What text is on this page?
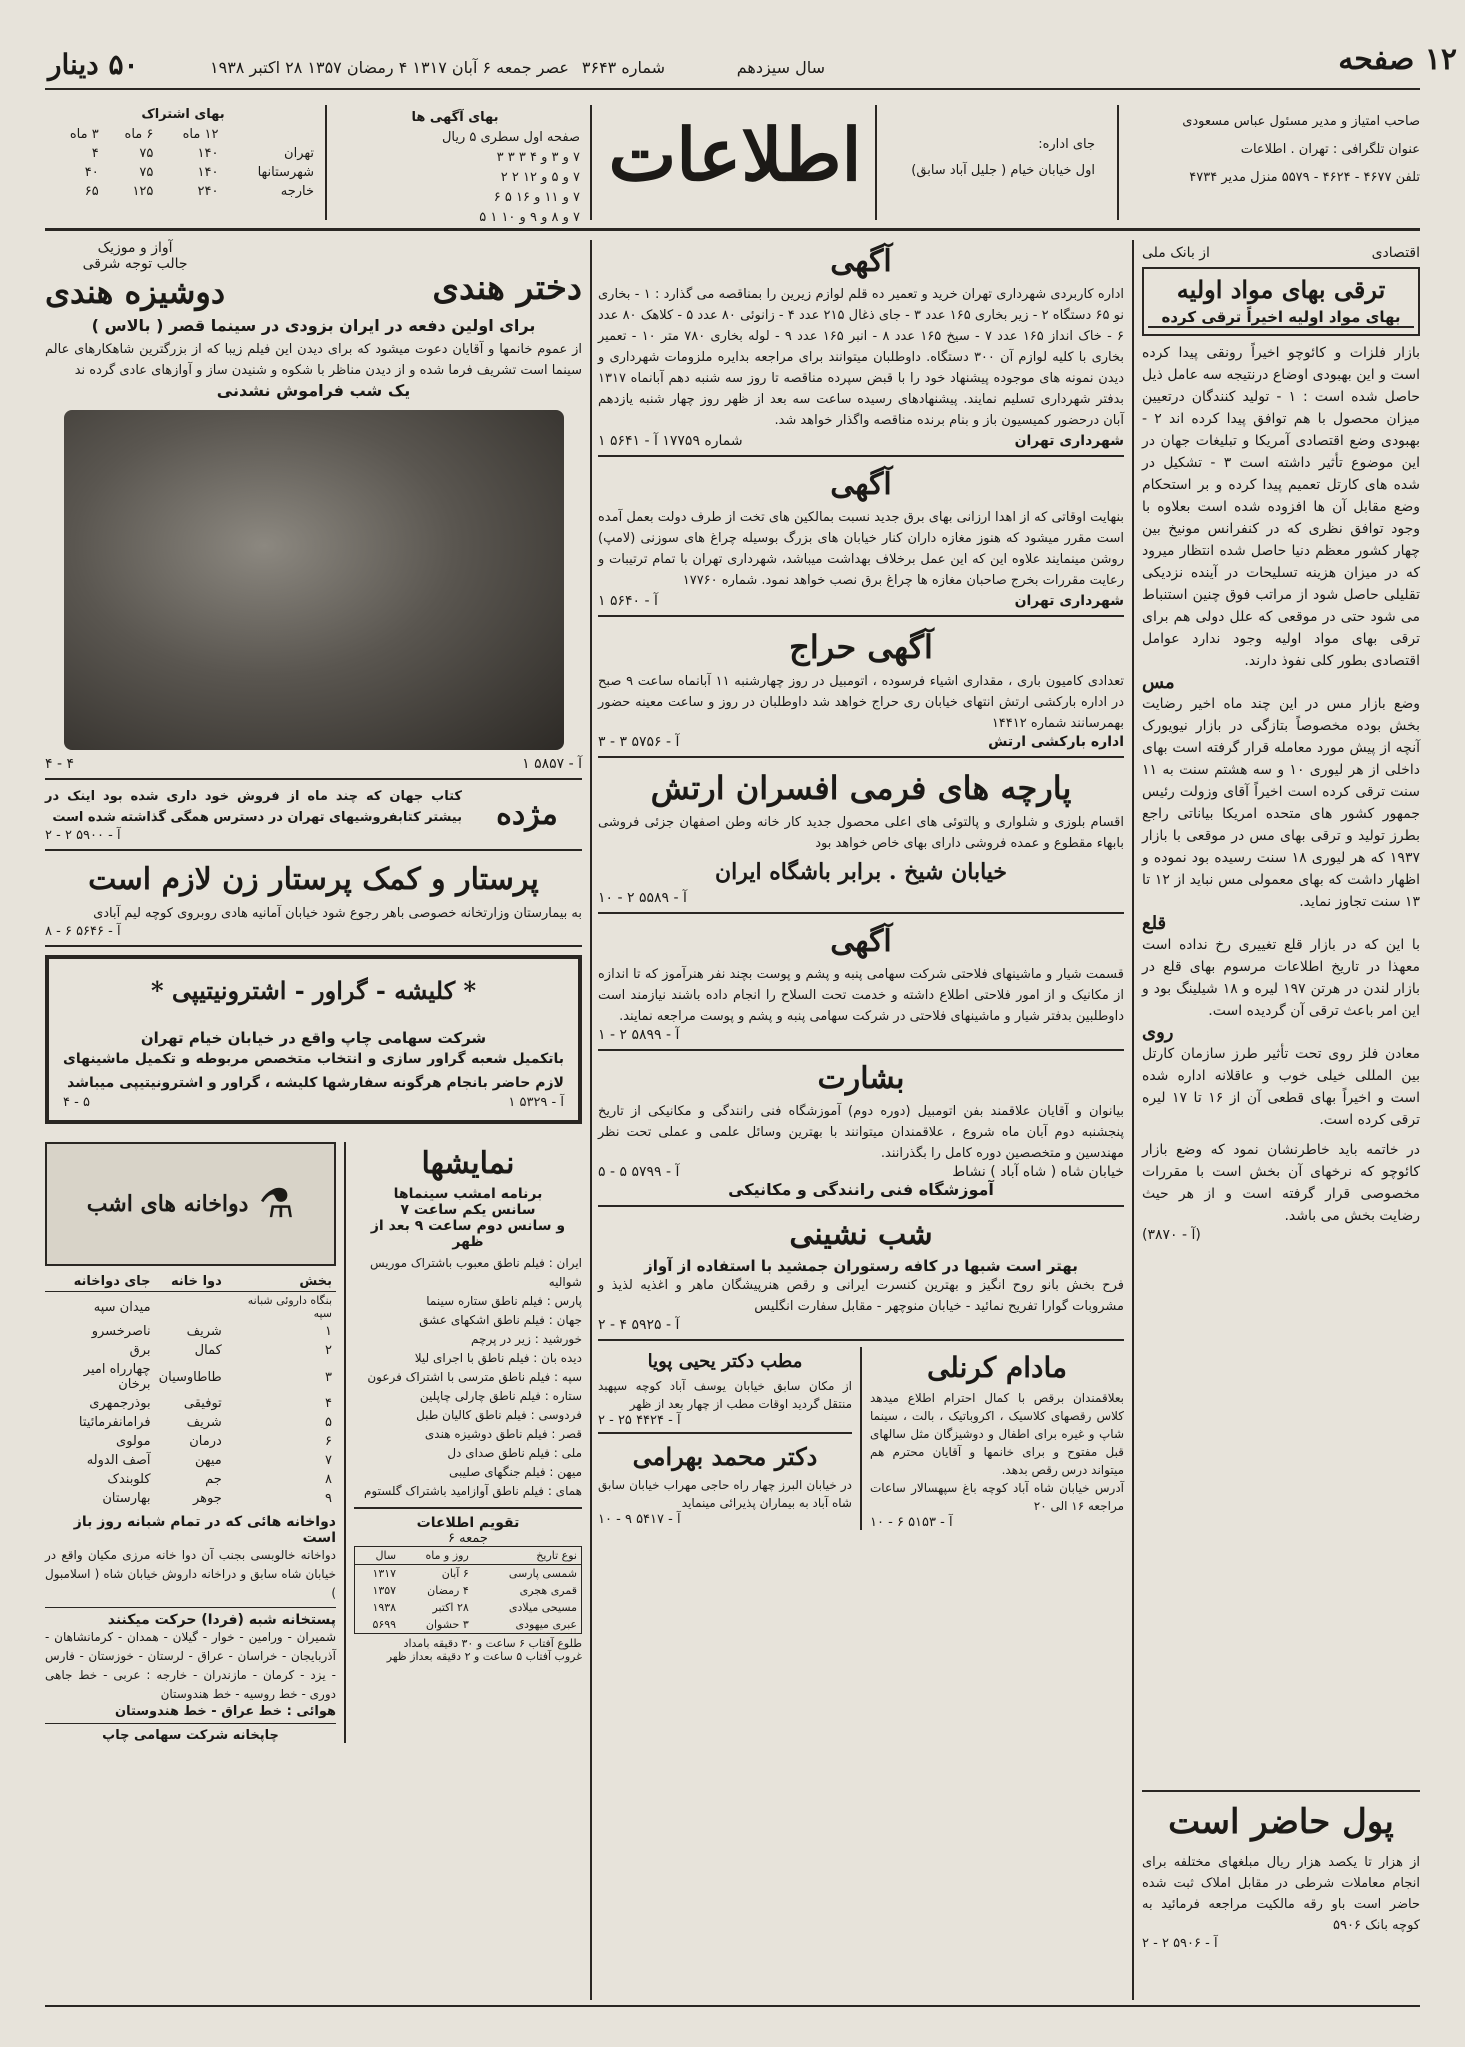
۱۲ صفحه
۵۰ دینار	سال سیزدهم
شماره ۳۶۴۳
عصر جمعه ۶ آبان ۱۳۱۷ ۴ رمضان ۱۳۵۷ ۲۸ اکتبر ۱۹۳۸
صاحب امتیاز و مدیر مسئول عباس مسعودی
عنوان تلگرافی : تهران . اطلاعات
تلفن ۴۶۷۷ - ۴۶۲۴ - ۵۵۷۹ منزل مدیر ۴۷۳۴
جای اداره:
اول خیابان خیام ( جلیل آباد سابق)
اطلاعات
بهای آگهی ها
صفحه اول سطری ۵ ریال
۷ و ۳ و ۴ ۳ ۳ ۳
۷ و ۵ و ۱۲ ۲ ۲
۷ و ۱۱ و ۱۶ ۵ ۶
۷ و ۸ و ۹ و ۱۰ ۱ ۵
بهای اشتراک
	۱۲ ماه	۶ ماه	۳ ماه
تهران	۱۴۰	۷۵	۴
شهرستانها	۱۴۰	۷۵	۴۰
خارجه	۲۴۰	۱۲۵	۶۵
اقتصادی
از بانک ملی
ترقی بهای مواد اولیه
بهای مواد اولیه اخیراً ترقی کرده
بازار فلزات و کائوچو اخیراً رونقی پیدا کرده است و این بهبودی اوضاع درنتیجه سه عامل ذیل حاصل شده است : ۱ - تولید کنندگان درتعیین میزان محصول با هم توافق پیدا کرده اند ۲ - بهبودی وضع اقتصادی آمریکا و تبلیغات جهان در این موضوع تأثیر داشته است ۳ - تشکیل در شده های کارتل تعمیم پیدا کرده و بر استحکام وضع مقابل آن ها افزوده شده است بعلاوه با وجود توافق نظری که در کنفرانس مونیخ بین چهار کشور معظم دنیا حاصل شده انتظار میرود که در میزان هزینه تسلیحات در آینده نزدیکی تقلیلی حاصل شود از مراتب فوق چنین استنباط می شود حتی در موقعی که علل دولی هم برای ترقی بهای مواد اولیه وجود ندارد عوامل اقتصادی بطور کلی نفوذ دارند.
مس
وضع بازار مس در این چند ماه اخیر رضایت بخش بوده مخصوصاً بتازگی در بازار نیویورک آنچه از پیش مورد معامله قرار گرفته است بهای داخلی از هر لیوری ۱۰ و سه هشتم سنت به ۱۱ سنت ترقی کرده است اخیراً آقای وزولت رئیس جمهور کشور های متحده امریکا بیاناتی راجع بطرز تولید و ترقی بهای مس در موقعی با بازار ۱۹۳۷ که هر لیوری ۱۸ سنت رسیده بود نموده و اظهار داشت که بهای معمولی مس نباید از ۱۲ تا ۱۳ سنت تجاوز نماید.
قلع
با این که در بازار قلع تغییری رخ نداده است معهذا در تاریخ اطلاعات مرسوم بهای قلع در بازار لندن در هرتن ۱۹۷ لیره و ۱۸ شیلینگ بود و این امر باعث ترقی آن گردیده است.
روی
معادن فلز روی تحت تأثیر طرز سازمان کارتل بین المللی خیلی خوب و عاقلانه اداره شده است و اخیراً بهای قطعی آن از ۱۶ تا ۱۷ لیره ترقی کرده است.
در خاتمه باید خاطرنشان نمود که وضع بازار کائوچو که نرخهای آن بخش است با مقررات مخصوصی قرار گرفته است و از هر حیث رضایت بخش می باشد.
(آ - ۳۸۷۰)
پول حاضر است
از هزار تا یکصد هزار ریال مبلغهای مختلفه برای انجام معاملات شرطی در مقابل املاک ثبت شده حاضر است باو رقه مالکیت مراجعه فرمائید به کوچه بانک ۵۹۰۶
آ - ۵۹۰۶ ۲ - ۲
آگهی
اداره کاربردی شهرداری تهران خرید و تعمیر ده قلم لوازم زیرین را بمناقصه می گذارد : ۱ - بخاری نو ۶۵ دستگاه ۲ - زیر بخاری ۱۶۵ عدد ۳ - جای ذغال ۲۱۵ عدد ۴ - زانوئی ۸۰ عدد ۵ - کلاهک ۸۰ عدد ۶ - خاک انداز ۱۶۵ عدد ۷ - سیخ ۱۶۵ عدد ۸ - انبر ۱۶۵ عدد ۹ - لوله بخاری ۷۸۰ متر ۱۰ - تعمیر بخاری با کلیه لوازم آن ۳۰۰ دستگاه. داوطلبان میتوانند برای مراجعه بدایره ملزومات شهرداری و دیدن نمونه های موجوده پیشنهاد خود را با قبض سپرده مناقصه تا روز سه شنبه دهم آبانماه ۱۳۱۷ بدفتر شهرداری تسلیم نمایند. پیشنهادهای رسیده ساعت سه بعد از ظهر روز چهار شنبه یازدهم آبان درحضور کمیسیون باز و بنام برنده مناقصه واگذار خواهد شد.
شهرداری تهران
شماره ۱۷۷۵۹ آ - ۵۶۴۱ ۱
آگهی
بنهایت اوقاتی که از اهدا ارزانی بهای برق جدید نسبت بمالکین های تخت از طرف دولت بعمل آمده است مقرر میشود که هنوز مغازه داران کنار خیابان های بزرگ بوسیله چراغ های سوزنی (لامپ) روشن مینمایند علاوه این که این عمل برخلاف بهداشت میباشد، شهرداری تهران با تمام ترتیبات و رعایت مقررات بخرج صاحبان مغازه ها چراغ برق نصب خواهد نمود. شماره ۱۷۷۶۰
شهرداری تهران
آ - ۵۶۴۰ ۱
آگهی حراج
تعدادی کامیون باری ، مقداری اشیاء فرسوده ، اتومبیل در روز چهارشنبه ۱۱ آبانماه ساعت ۹ صبح در اداره بارکشی ارتش انتهای خیابان ری حراج خواهد شد داوطلبان در روز و ساعت معینه حضور بهمرسانند شماره ۱۴۴۱۲
اداره بارکشی ارتش
آ - ۵۷۵۶ ۳ - ۳
پارچه های فرمی افسران ارتش
اقسام بلوزی و شلواری و پالتوئی های اعلی محصول جدید کار خانه وطن اصفهان جزئی فروشی بابهاء مقطوع و عمده فروشی دارای بهای خاص خواهد بود
خیابان شیخ . برابر باشگاه ایران
آ - ۵۵۸۹ ۲ - ۱۰
آگهی
قسمت شیار و ماشینهای فلاحتی شرکت سهامی پنبه و پشم و پوست بچند نفر هنرآموز که تا اندازه از مکانیک و از امور فلاحتی اطلاع داشته و خدمت تحت السلاح را انجام داده باشند نیازمند است داوطلبین بدفتر شیار و ماشینهای فلاحتی در شرکت سهامی پنبه و پشم و پوست مراجعه نمایند.
آ - ۵۸۹۹ ۲ - ۱
بشارت
بیانوان و آقایان علاقمند بفن اتومبیل (دوره دوم) آموزشگاه فنی رانندگی و مکانیکی از تاریخ پنجشنبه دوم آبان ماه شروع ، علاقمندان میتوانند با بهترین وسائل علمی و عملی تحت نظر مهندسین و متخصصین دوره کامل را بگذرانند.
خیابان شاه ( شاه آباد ) نشاط
آ - ۵۷۹۹ ۵ - ۵
آموزشگاه فنی رانندگی و مکانیکی
شب نشینی
بهتر است شبها در کافه رستوران جمشید با استفاده از آواز
فرح بخش بانو روح انگیز و بهترین کنسرت ایرانی و رقص هنرپیشگان ماهر و اغذیه لذیذ و مشروبات گوارا تفریح نمائید - خیابان منوچهر - مقابل سفارت انگلیس
آ - ۵۹۲۵ ۴ - ۲
مادام کرنلی
بعلاقمندان برقص با کمال احترام اطلاع میدهد کلاس رقصهای کلاسیک ، اکروباتیک ، بالت ، سینما شاپ و غیره برای اطفال و دوشیزگان مثل سالهای قبل مفتوح و برای خانمها و آقایان محترم هم میتواند درس رقص بدهد.
آدرس خیابان شاه آباد کوچه باغ سپهسالار ساعات مراجعه ۱۶ الی ۲۰
آ - ۵۱۵۳ ۶ - ۱۰
مطب دکتر یحیی پویا
از مکان سابق خیابان یوسف آباد کوچه سپهبد منتقل گردید اوقات مطب از چهار بعد از ظهر
آ - ۴۴۲۴ ۲۵ - ۲
دکتر محمد بهرامی
در خیابان البرز چهار راه حاجی مهراب خیابان سابق شاه آباد به بیماران پذیرائی مینماید
آ - ۵۴۱۷ ۹ - ۱۰
دختر هندی
آواز و موزیک
جالب توجه شرقی
دوشیزه هندی
برای اولین دفعه در ایران بزودی در سینما قصر ( بالاس )
از عموم خانمها و آقایان دعوت میشود که برای دیدن این فیلم زیبا که از بزرگترین شاهکارهای عالم سینما است تشریف فرما شده و از دیدن مناظر با شکوه و شنیدن ساز و آوازهای عادی گرده ند
یک شب فراموش نشدنی
آ - ۵۸۵۷ ۱
۴ - ۴
مژده
کتاب جهان که چند ماه از فروش خود داری شده بود اینک در بیشتر کتابفروشیهای تهران در دسترس همگی گذاشته شده است
آ - ۵۹۰۰ ۲ - ۲
پرستار و کمک پرستار زن لازم است
به بیمارستان وزارتخانه خصوصی باهر رجوع شود خیابان آمانیه هادی روبروی کوچه لیم آبادی
آ - ۵۶۴۶ ۶ - ۸
* کلیشه - گراور - اشترونیتیپی *
شرکت سهامی چاپ واقع در خیابان خیام تهران
باتکمیل شعبه گراور سازی و انتخاب متخصص مربوطه و تکمیل ماشینهای لازم حاضر بانجام هرگونه سفارشها کلیشه ، گراور و اشترونیتیپی میباشد
آ - ۵۳۲۹ ۱
۵ - ۴
نمایشها
برنامه امشب سینماها
سانس یکم ساعت ۷
و سانس دوم ساعت ۹ بعد از ظهر
ایران : فیلم ناطق معبوب باشتراک موریس شوالیه
پارس : فیلم ناطق ستاره سینما
جهان : فیلم ناطق اشکهای عشق
خورشید : زیر در پرچم
دیده بان : فیلم ناطق با اجرای لیلا
سپه : فیلم ناطق مترسی با اشتراک فرعون
ستاره : فیلم ناطق چارلی چاپلین
فردوسی : فیلم ناطق کالیان طبل
قصر : فیلم ناطق دوشیزه هندی
ملی : فیلم ناطق صدای دل
میهن : فیلم جنگهای صلیبی
همای : فیلم ناطق آوازامید باشتراک گلستوم
تقویم اطلاعات
جمعه ۶
نوع تاریخ	روز و ماه	سال
شمسی پارسی	۶ آبان	۱۳۱۷
قمری هجری	۴ رمضان	۱۳۵۷
مسیحی میلادی	۲۸ اکتبر	۱۹۳۸
عبری میهودی	۳ حشوان	۵۶۹۹
طلوع آفتاب ۶ ساعت و ۳۰ دقیقه بامداد
غروب آفتاب ۵ ساعت و ۲ دقیقه بعداز ظهر
⚗
دواخانه های اشب
بخش	دوا خانه	جای دواخانه
بنگاه داروئی شبانه سپه		میدان سپه
۱	شریف	ناصرخسرو
۲	کمال	برق
۳	طاطاوسیان	چهارراه امیر برخان
۴	توفیقی	بوذرجمهری
۵	شریف	فرامانفرمائیتا
۶	درمان	مولوی
۷	میهن	آصف الدوله
۸	جم	کلوبندک
۹	جوهر	بهارستان
دواخانه هائی که در تمام شبانه روز باز است
دواخانه خالوبسی بجنب آن دوا خانه مرزی مکیان واقع در خیابان شاه سابق و دراخانه داروش خیابان شاه ( اسلامبول )
پستخانه شبه (فردا) حرکت میکنند
شمیران - ورامین - خوار - گیلان - همدان - کرمانشاهان - آذربایجان - خراسان - عراق - لرستان - خوزستان - فارس - یزد - کرمان - مازندران - خارجه : عربی - خط جاهی دوری - خط روسیه - خط هندوستان
هوائی : خط عراق - خط هندوستان
چاپخانه شرکت سهامی چاپ
